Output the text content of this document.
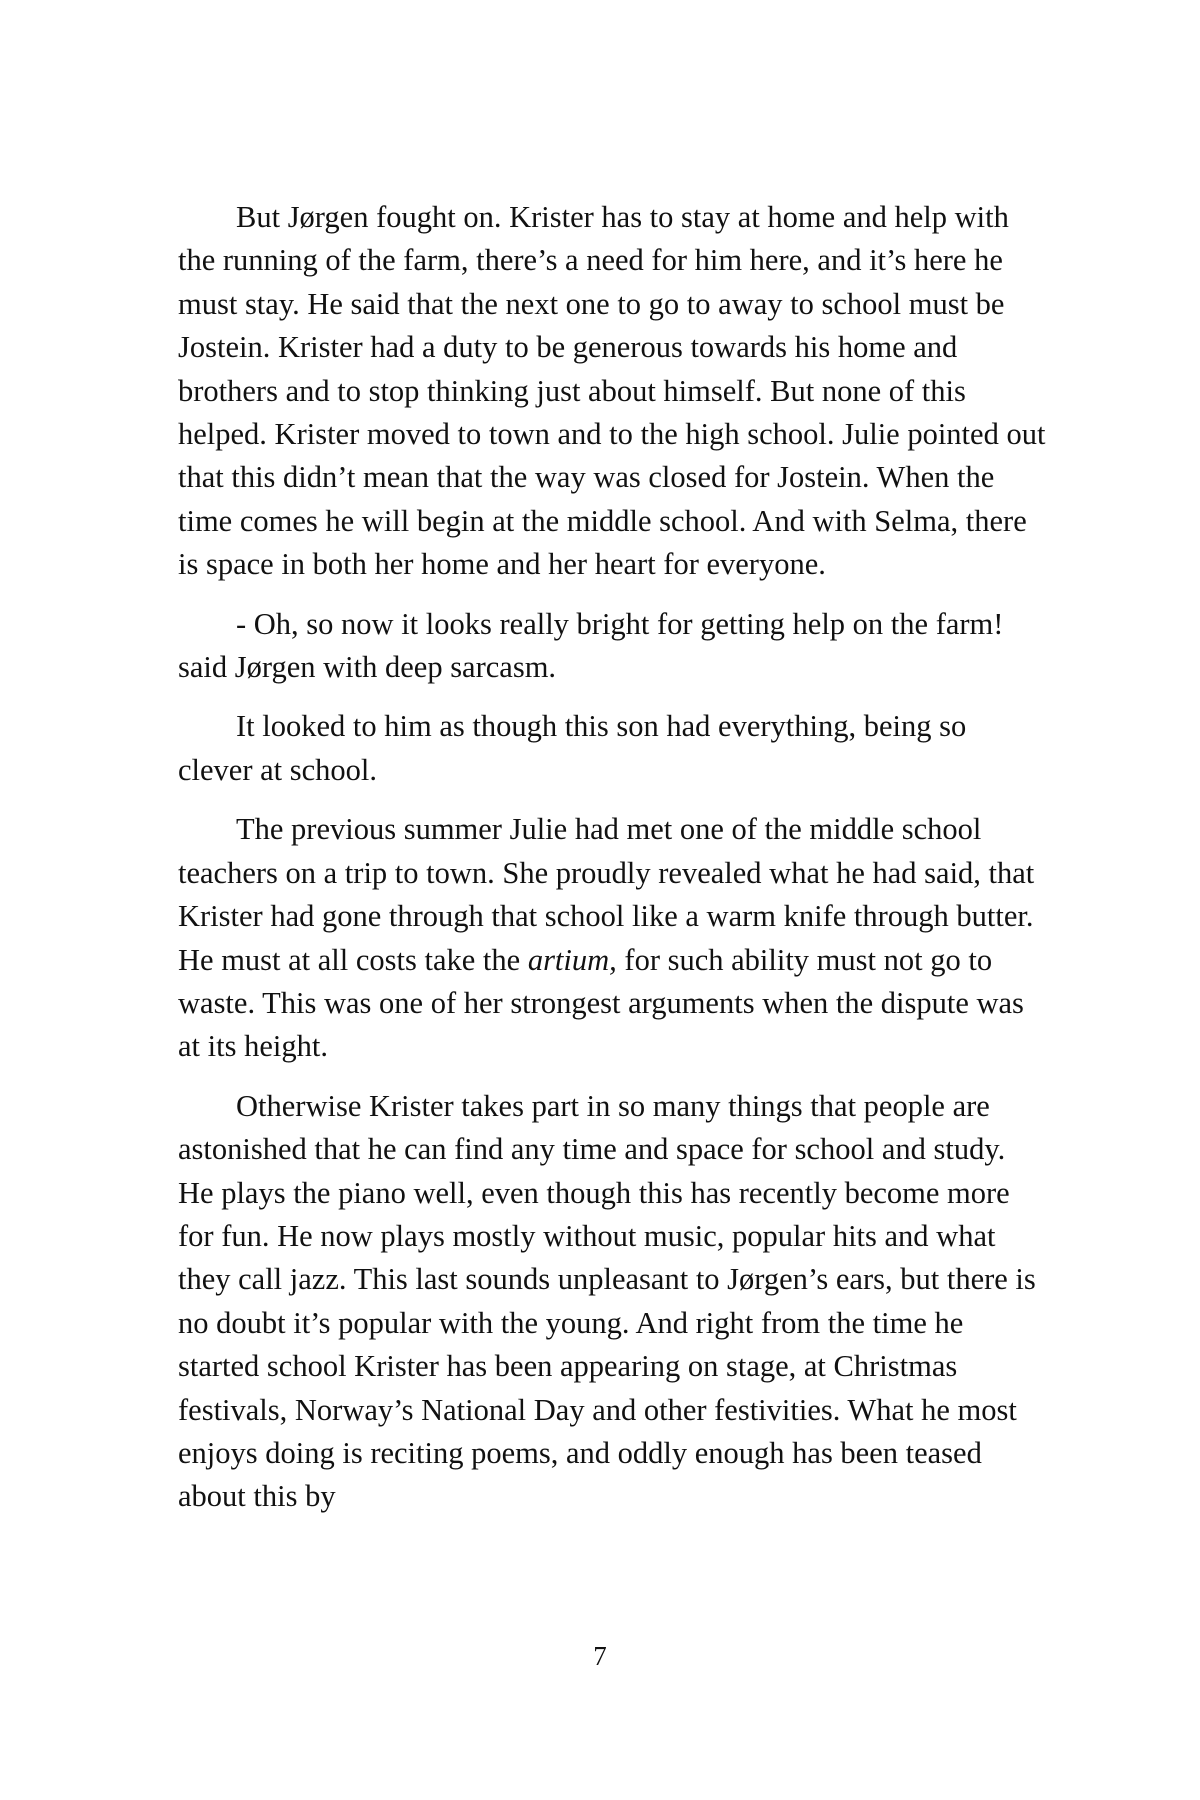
But Jørgen fought on. Krister has to stay at home and help with the running of the farm, there’s a need for him here, and it’s here he must stay. He said that the next one to go to away to school must be Jostein. Krister had a duty to be generous towards his home and brothers and to stop thinking just about himself. But none of this helped. Krister moved to town and to the high school. Julie pointed out that this didn’t mean that the way was closed for Jostein. When the time comes he will begin at the middle school. And with Selma, there is space in both her home and her heart for everyone.

- Oh, so now it looks really bright for getting help on the farm! said Jørgen with deep sarcasm.

It looked to him as though this son had everything, being so clever at school.

The previous summer Julie had met one of the middle school teachers on a trip to town. She proudly revealed what he had said, that Krister had gone through that school like a warm knife through butter. He must at all costs take the artium, for such ability must not go to waste. This was one of her strongest arguments when the dispute was at its height.

Otherwise Krister takes part in so many things that people are astonished that he can find any time and space for school and study. He plays the piano well, even though this has recently become more for fun. He now plays mostly without music, popular hits and what they call jazz. This last sounds unpleasant to Jørgen’s ears, but there is no doubt it’s popular with the young. And right from the time he started school Krister has been appearing on stage, at Christmas festivals, Norway’s National Day and other festivities. What he most enjoys doing is reciting poems, and oddly enough has been teased about this by

7
